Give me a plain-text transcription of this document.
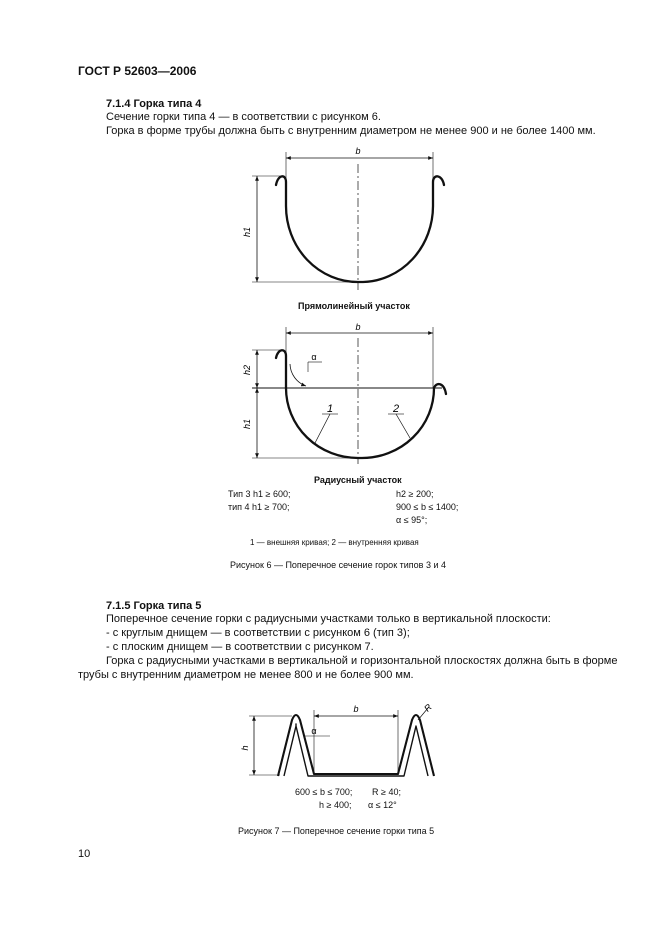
ГОСТ Р 52603—2006
7.1.4 Горка типа 4
Сечение горки типа 4 — в соответствии с рисунком 6.
Горка в форме трубы должна быть с внутренним диаметром не менее 900 и не более 1400 мм.
b
h1
Прямолинейный участок
b
h2
h1
α
1	2
Радиусный участок
Тип 3 h1 ≥ 600;
тип 4 h1 ≥ 700;
h2 ≥ 200;
900 ≤ b ≤ 1400;
α ≤ 95°;
1 — внешняя кривая; 2 — внутренняя кривая
Рисунок 6 — Поперечное сечение горок типов 3 и 4
7.1.5 Горка типа 5
Поперечное сечение горки с радиусными участками только в вертикальной плоскости:
- с круглым днищем — в соответствии с рисунком 6 (тип 3);
- с плоским днищем — в соответствии с рисунком 7.
Горка с радиусными участками в вертикальной и горизонтальной плоскостях должна быть в форме
трубы с внутренним диаметром не менее 800 и не более 900 мм.
h
b
α
R
600 ≤ b ≤ 700; R ≥ 40;
h ≥ 400; α ≤ 12°
Рисунок 7 — Поперечное сечение горки типа 5
10
